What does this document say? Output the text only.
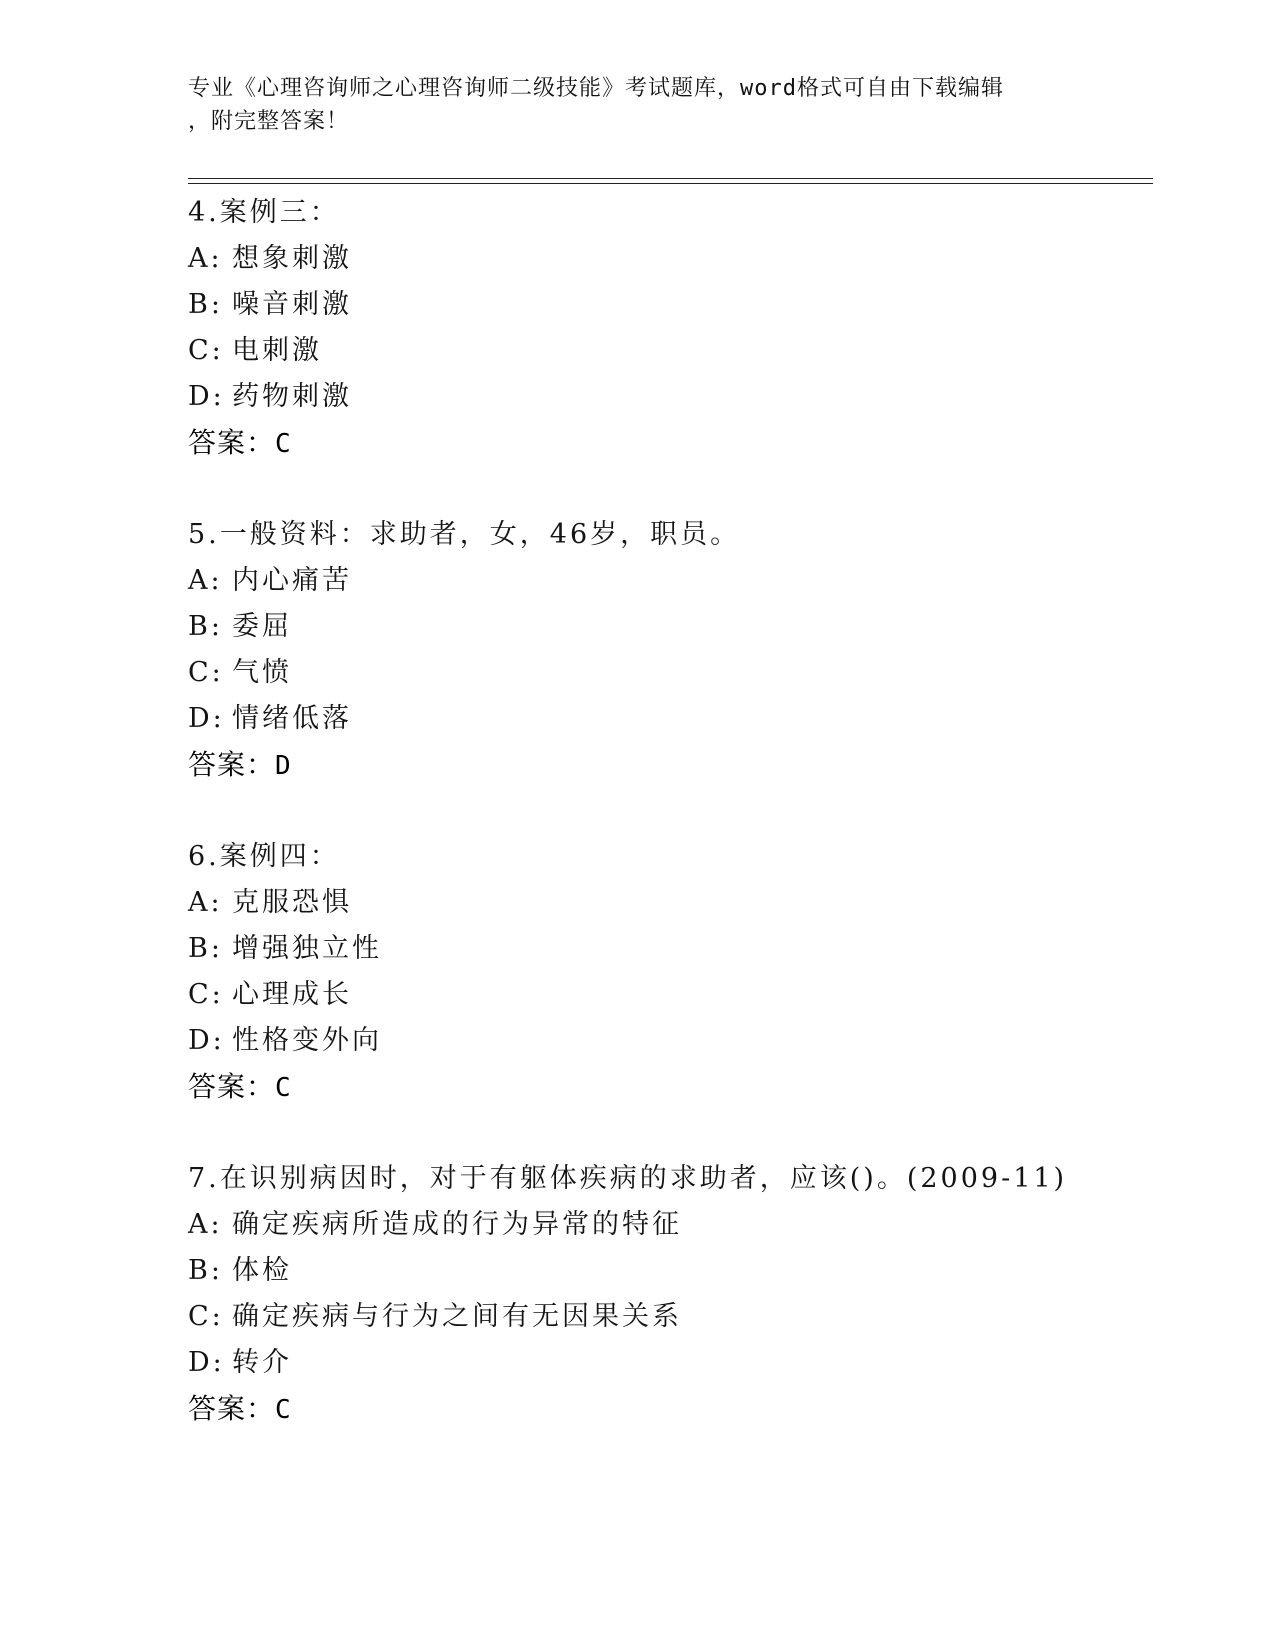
专业《心理咨询师之心理咨询师二级技能》考试题库，word格式可自由下载编辑
，附完整答案！
4.案例三：
A: 想象刺激
B: 噪音刺激
C: 电刺激
D: 药物刺激
答案：C
5.一般资料：求助者，女，46岁，职员。
A: 内心痛苦
B: 委屈
C: 气愤
D: 情绪低落
答案：D
6.案例四：
A: 克服恐惧
B: 增强独立性
C: 心理成长
D: 性格变外向
答案：C
7.在识别病因时，对于有躯体疾病的求助者，应该()。(2009-11)
A: 确定疾病所造成的行为异常的特征
B: 体检
C: 确定疾病与行为之间有无因果关系
D: 转介
答案：C
